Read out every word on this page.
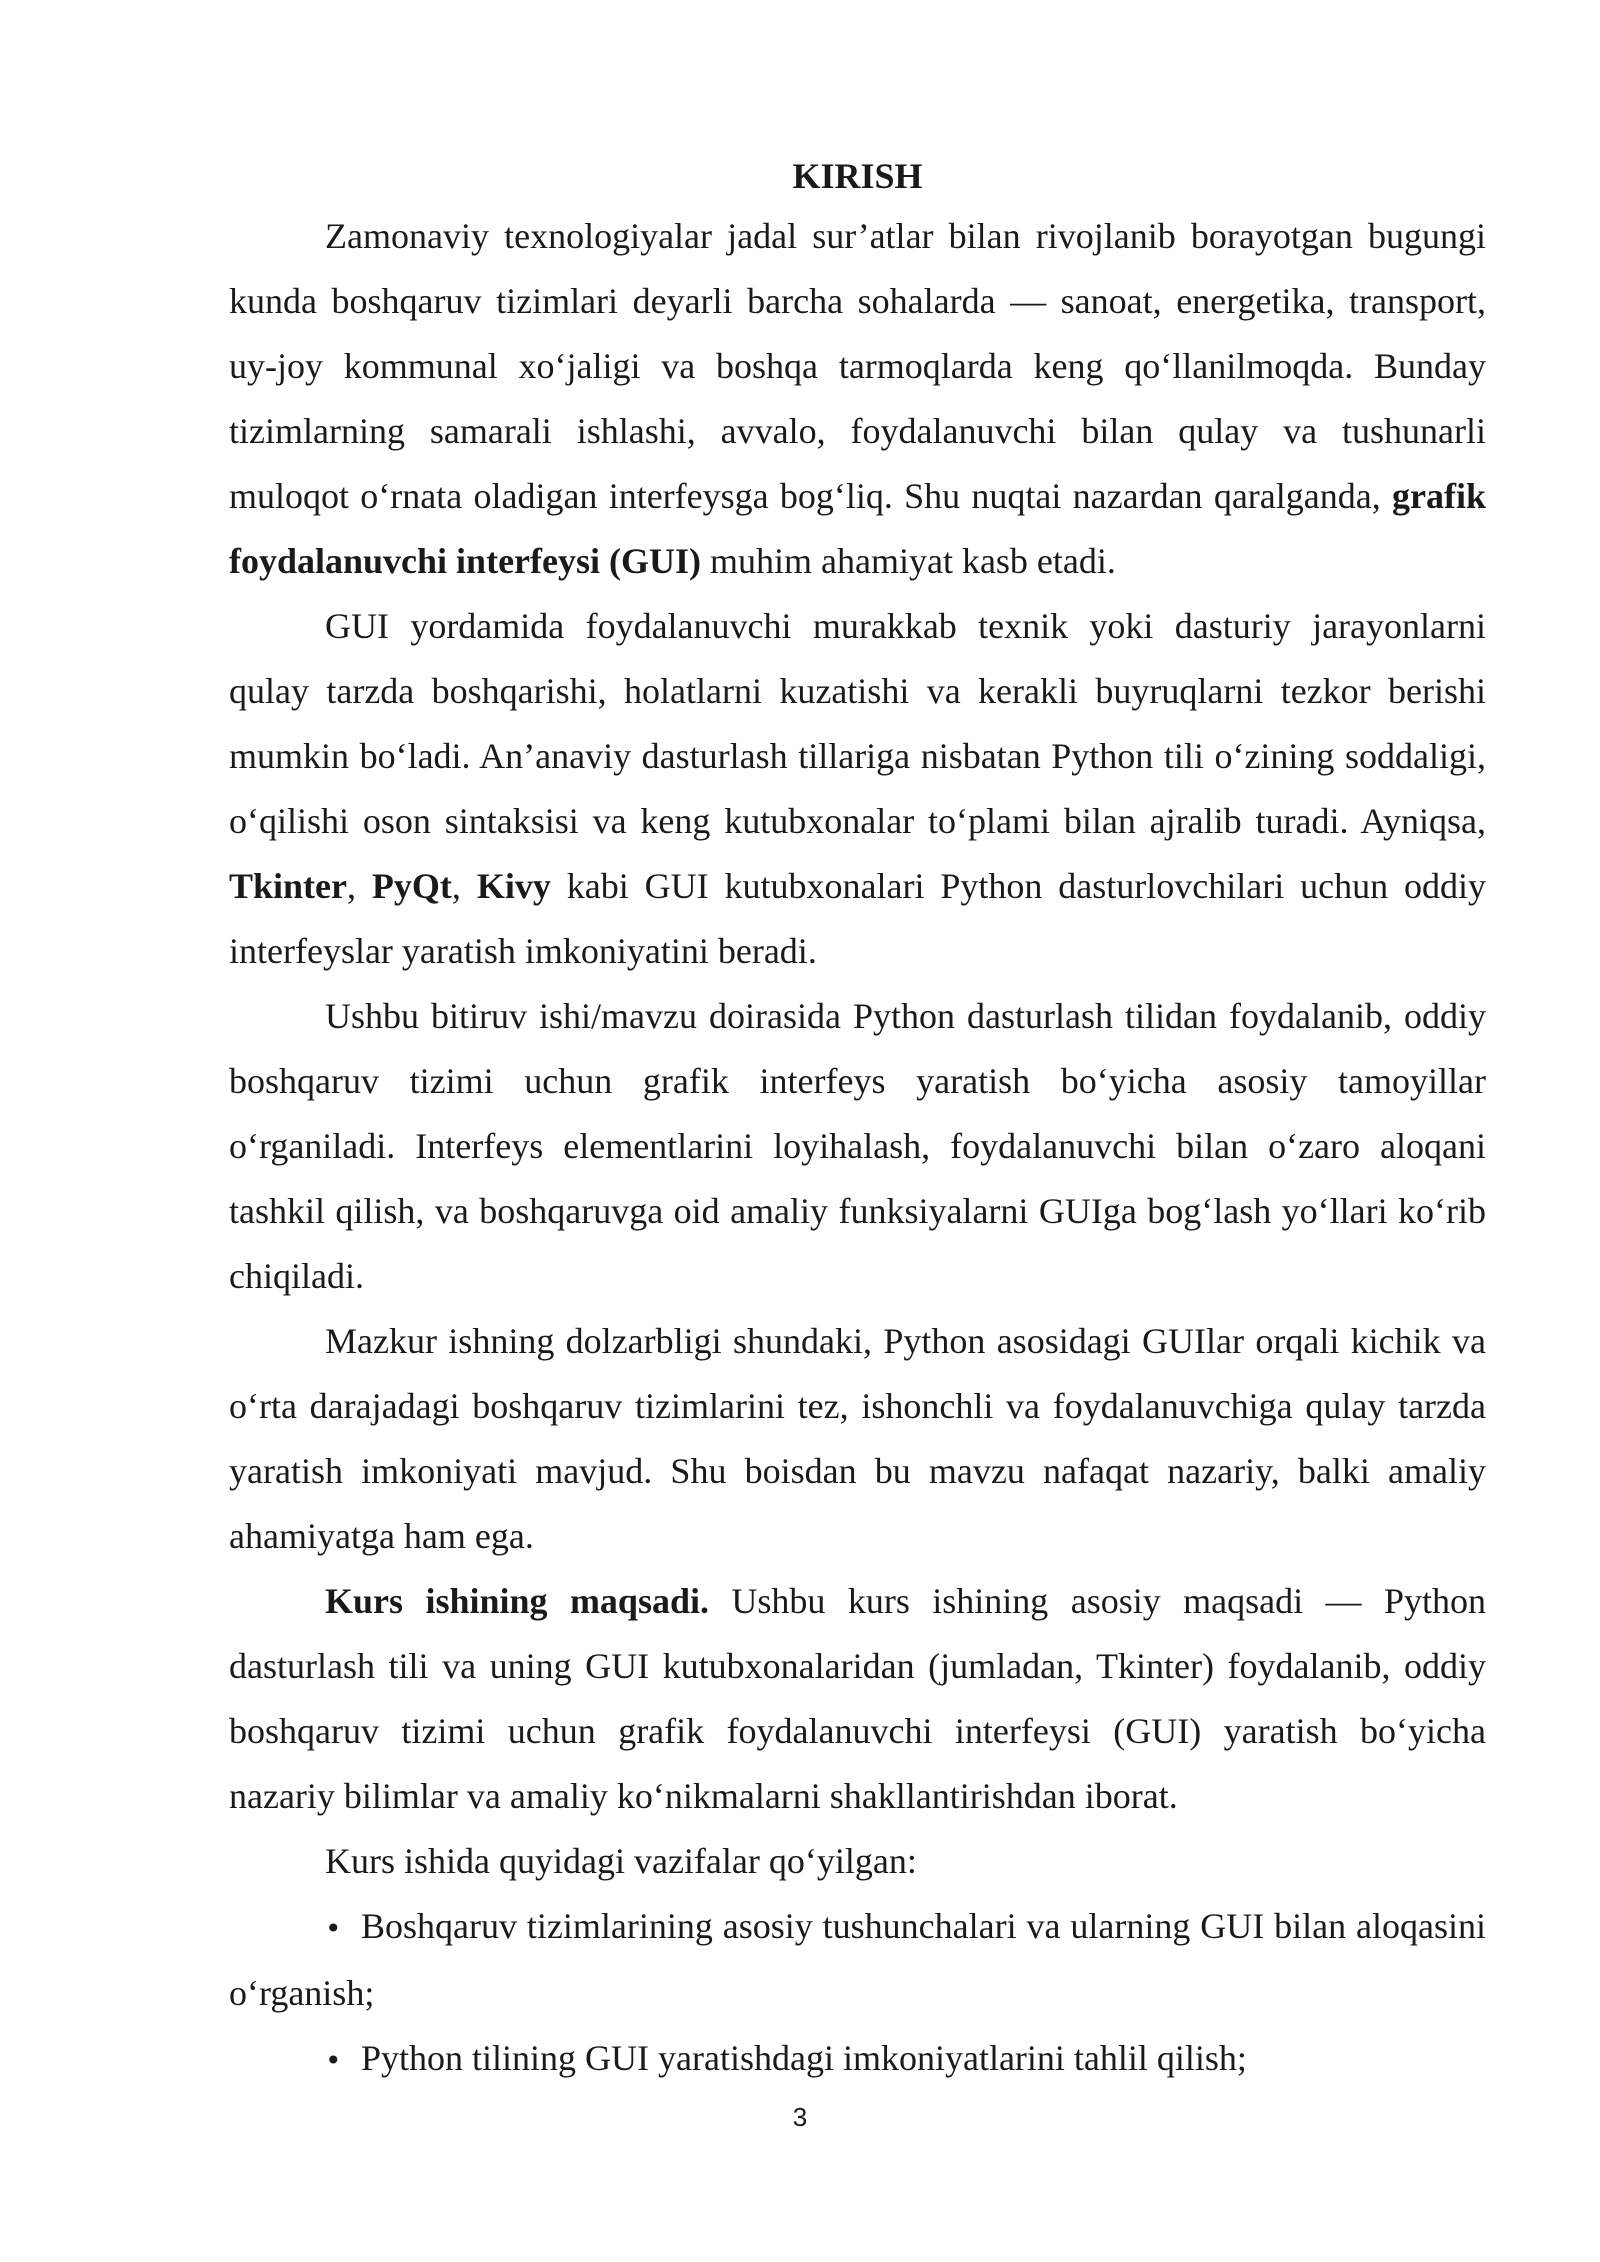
KIRISH

Zamonaviy texnologiyalar jadal sur’atlar bilan rivojlanib borayotgan bugungi kunda boshqaruv tizimlari deyarli barcha sohalarda — sanoat, energetika, transport, uy-joy kommunal xo‘jaligi va boshqa tarmoqlarda keng qo‘llanilmoqda. Bunday tizimlarning samarali ishlashi, avvalo, foydalanuvchi bilan qulay va tushunarli muloqot o‘rnata oladigan interfeysga bog‘liq. Shu nuqtai nazardan qaralganda, grafik foydalanuvchi interfeysi (GUI) muhim ahamiyat kasb etadi.

GUI yordamida foydalanuvchi murakkab texnik yoki dasturiy jarayonlarni qulay tarzda boshqarishi, holatlarni kuzatishi va kerakli buyruqlarni tezkor berishi mumkin bo‘ladi. An’anaviy dasturlash tillariga nisbatan Python tili o‘zining soddaligi, o‘qilishi oson sintaksisi va keng kutubxonalar to‘plami bilan ajralib turadi. Ayniqsa, Tkinter, PyQt, Kivy kabi GUI kutubxonalari Python dasturlovchilari uchun oddiy interfeyslar yaratish imkoniyatini beradi.

Ushbu bitiruv ishi/mavzu doirasida Python dasturlash tilidan foydalanib, oddiy boshqaruv tizimi uchun grafik interfeys yaratish bo‘yicha asosiy tamoyillar o‘rganiladi. Interfeys elementlarini loyihalash, foydalanuvchi bilan o‘zaro aloqani tashkil qilish, va boshqaruvga oid amaliy funksiyalarni GUIga bog‘lash yo‘llari ko‘rib chiqiladi.

Mazkur ishning dolzarbligi shundaki, Python asosidagi GUIlar orqali kichik va o‘rta darajadagi boshqaruv tizimlarini tez, ishonchli va foydalanuvchiga qulay tarzda yaratish imkoniyati mavjud. Shu boisdan bu mavzu nafaqat nazariy, balki amaliy ahamiyatga ham ega.

Kurs ishining maqsadi. Ushbu kurs ishining asosiy maqsadi — Python dasturlash tili va uning GUI kutubxonalaridan (jumladan, Tkinter) foydalanib, oddiy boshqaruv tizimi uchun grafik foydalanuvchi interfeysi (GUI) yaratish bo‘yicha nazariy bilimlar va amaliy ko‘nikmalarni shakllantirishdan iborat.

Kurs ishida quyidagi vazifalar qo‘yilgan:

• Boshqaruv tizimlarining asosiy tushunchalari va ularning GUI bilan aloqasini o‘rganish;
• Python tilining GUI yaratishdagi imkoniyatlarini tahlil qilish;
3
